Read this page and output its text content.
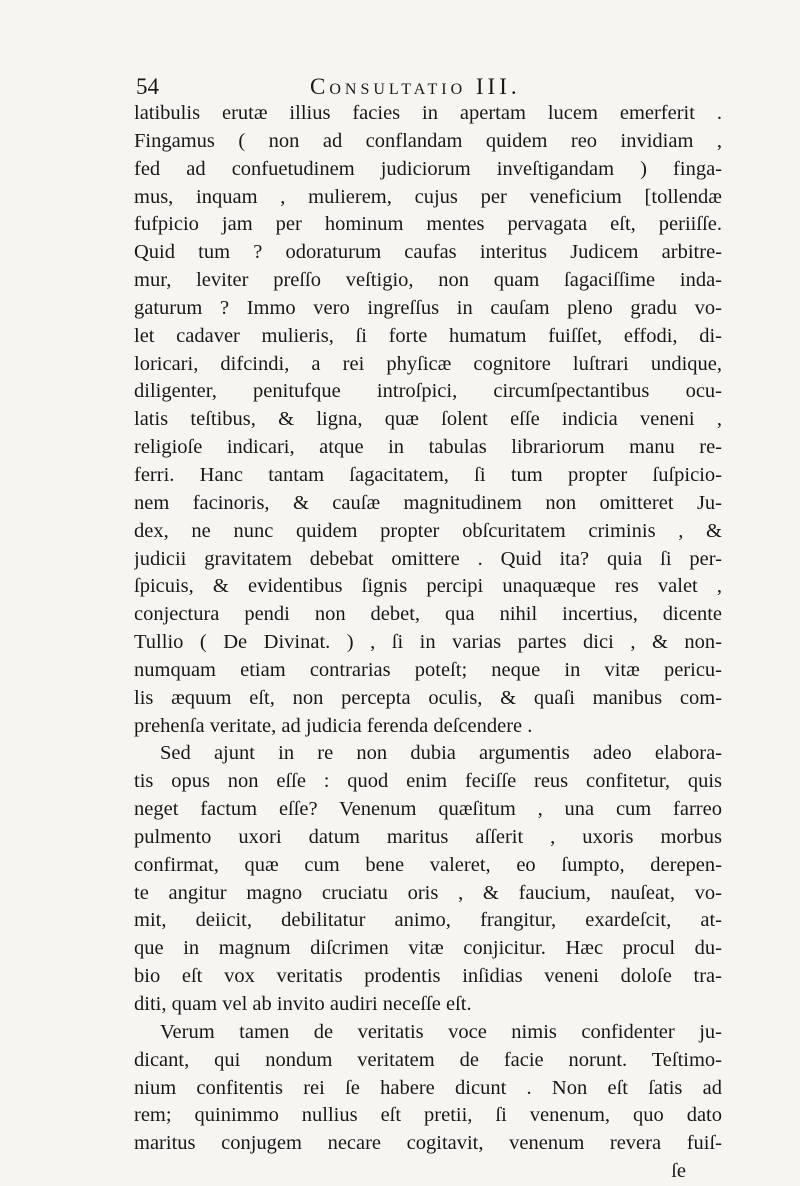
54	Consultatio III.
latibulis erutæ illius facies in apertam lucem emerferit .
Fingamus ( non ad conflandam quidem reo invidiam ,
fed ad confuetudinem judiciorum inveſtigandam ) finga-
mus, inquam , mulierem, cujus per veneficium [tollendæ
fufpicio jam per hominum mentes pervagata eſt, periiſſe.
Quid tum ? odoraturum caufas interitus Judicem arbitre-
mur, leviter preſſo veſtigio, non quam ſagaciſſime inda-
gaturum ? Immo vero ingreſſus in cauſam pleno gradu vo-
let cadaver mulieris, ſi forte humatum fuiſſet, effodi, di-
loricari, difcindi, a rei phyſicæ cognitore luſtrari undique,
diligenter, penitufque introſpici, circumſpectantibus ocu-
latis teſtibus, & ligna, quæ ſolent eſſe indicia veneni ,
religioſe indicari, atque in tabulas librariorum manu re-
ferri. Hanc tantam ſagacitatem, ſi tum propter ſuſpicio-
nem facinoris, & cauſæ magnitudinem non omitteret Ju-
dex, ne nunc quidem propter obſcuritatem criminis , &
judicii gravitatem debebat omittere . Quid ita? quia ſi per-
ſpicuis, & evidentibus ſignis percipi unaquæque res valet ,
conjectura pendi non debet, qua nihil incertius, dicente
Tullio ( De Divinat. ) , ſi in varias partes dici , & non-
numquam etiam contrarias poteſt; neque in vitæ pericu-
lis æquum eſt, non percepta oculis, & quaſi manibus com-
prehenſa veritate, ad judicia ferenda deſcendere .
Sed ajunt in re non dubia argumentis adeo elabora-
tis opus non eſſe : quod enim feciſſe reus confitetur, quis
neget factum eſſe? Venenum quæſitum , una cum farreo
pulmento uxori datum maritus aſſerit , uxoris morbus
confirmat, quæ cum bene valeret, eo ſumpto, derepen-
te angitur magno cruciatu oris , & faucium, nauſeat, vo-
mit, deiicit, debilitatur animo, frangitur, exardeſcit, at-
que in magnum diſcrimen vitæ conjicitur. Hæc procul du-
bio eſt vox veritatis prodentis inſidias veneni doloſe tra-
diti, quam vel ab invito audiri neceſſe eſt.
Verum tamen de veritatis voce nimis confidenter ju-
dicant, qui nondum veritatem de facie norunt. Teſtimo-
nium confitentis rei ſe habere dicunt . Non eſt ſatis ad
rem; quinimmo nullius eſt pretii, ſi venenum, quo dato
maritus conjugem necare cogitavit, venenum revera fuiſ-
ſe
